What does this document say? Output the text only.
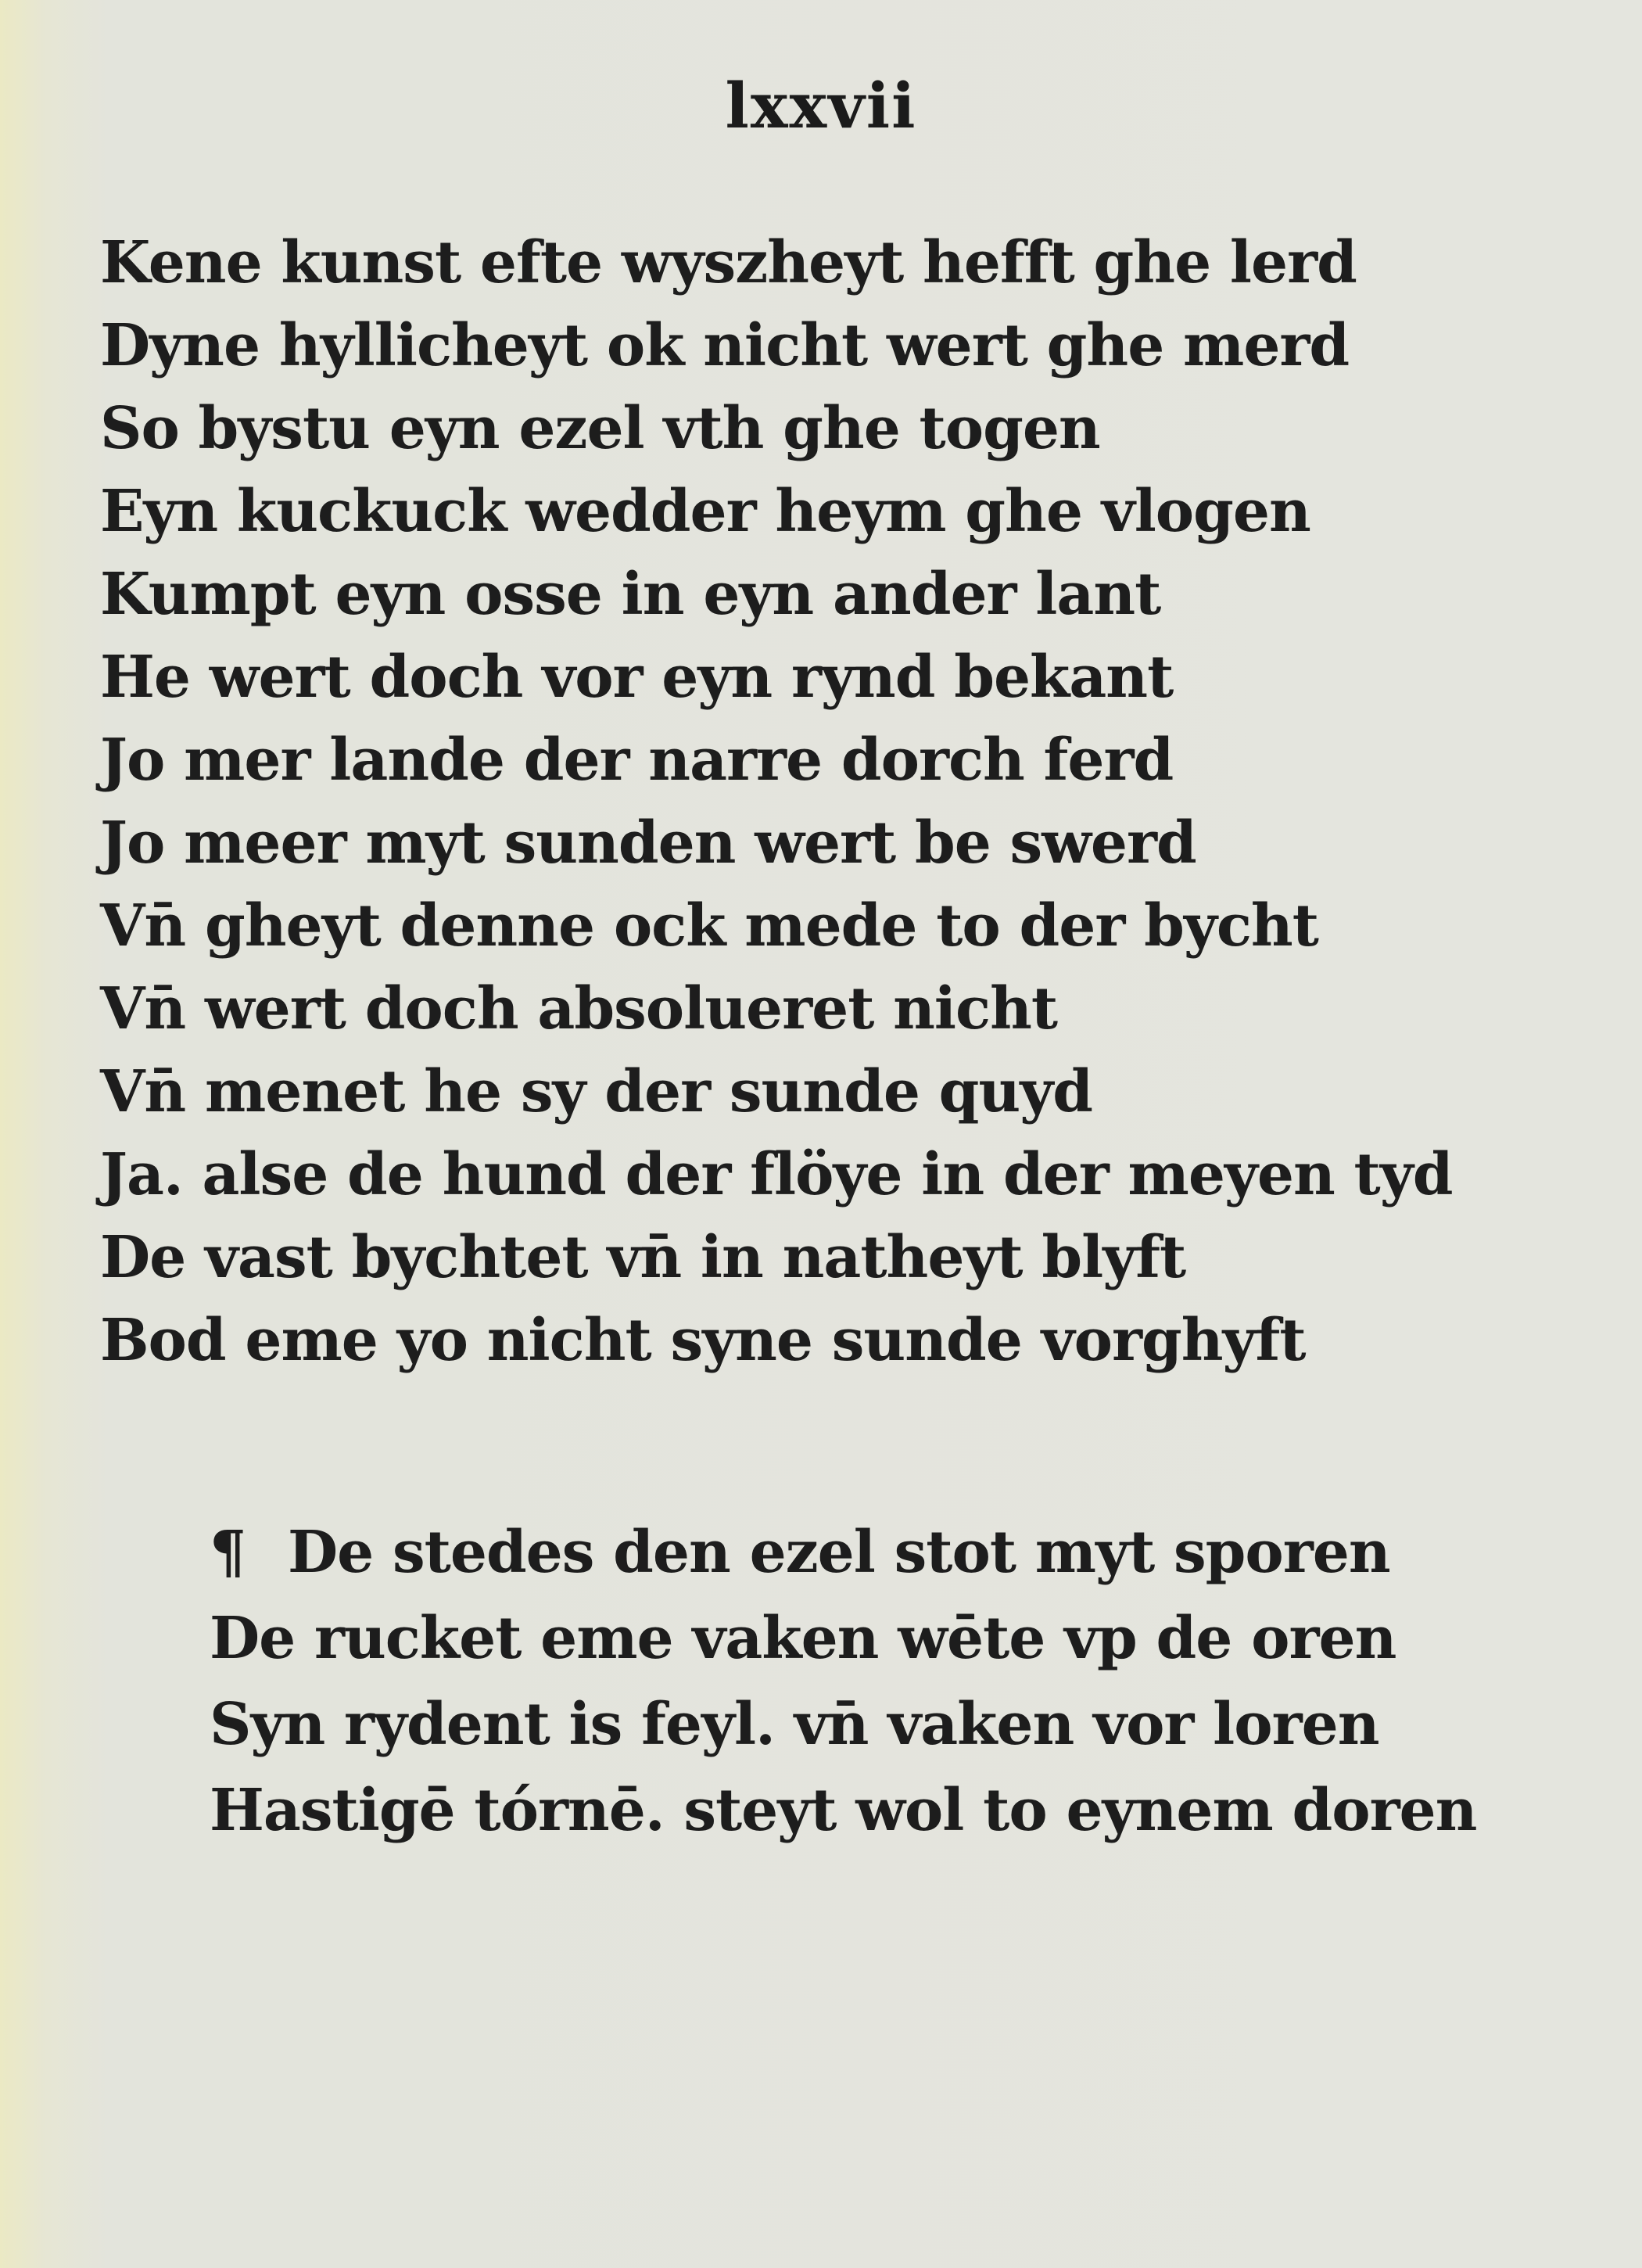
lxxvii
Kene kunst efte wyszheyt hefft ghe lerd
Dyne hyllicheyt ok nicht wert ghe merd
So bystu eyn ezel vth ghe togen
Eyn kuckuck wedder heym ghe vlogen
Kumpt eyn osse in eyn ander lant
He wert doch vor eyn rynd bekant
Jo mer lande der narre dorch ferd
Jo meer myt sunden wert be swerd
Vn̄ gheyt denne ock mede to der bycht
Vn̄ wert doch absolueret nicht
Vn̄ menet he sy der sunde quyd
Ja. alse de hund der flöye in der meyen tyd
De vast bychtet vn̄ in natheyt blyft
Bod eme yo nicht syne sunde vorghyft
¶ De stedes den ezel stot myt sporen
De rucket eme vaken wēte vp de oren
Syn rydent is feyl. vn̄ vaken vor loren
Hastigē tórnē. steyt wol to eynem doren
